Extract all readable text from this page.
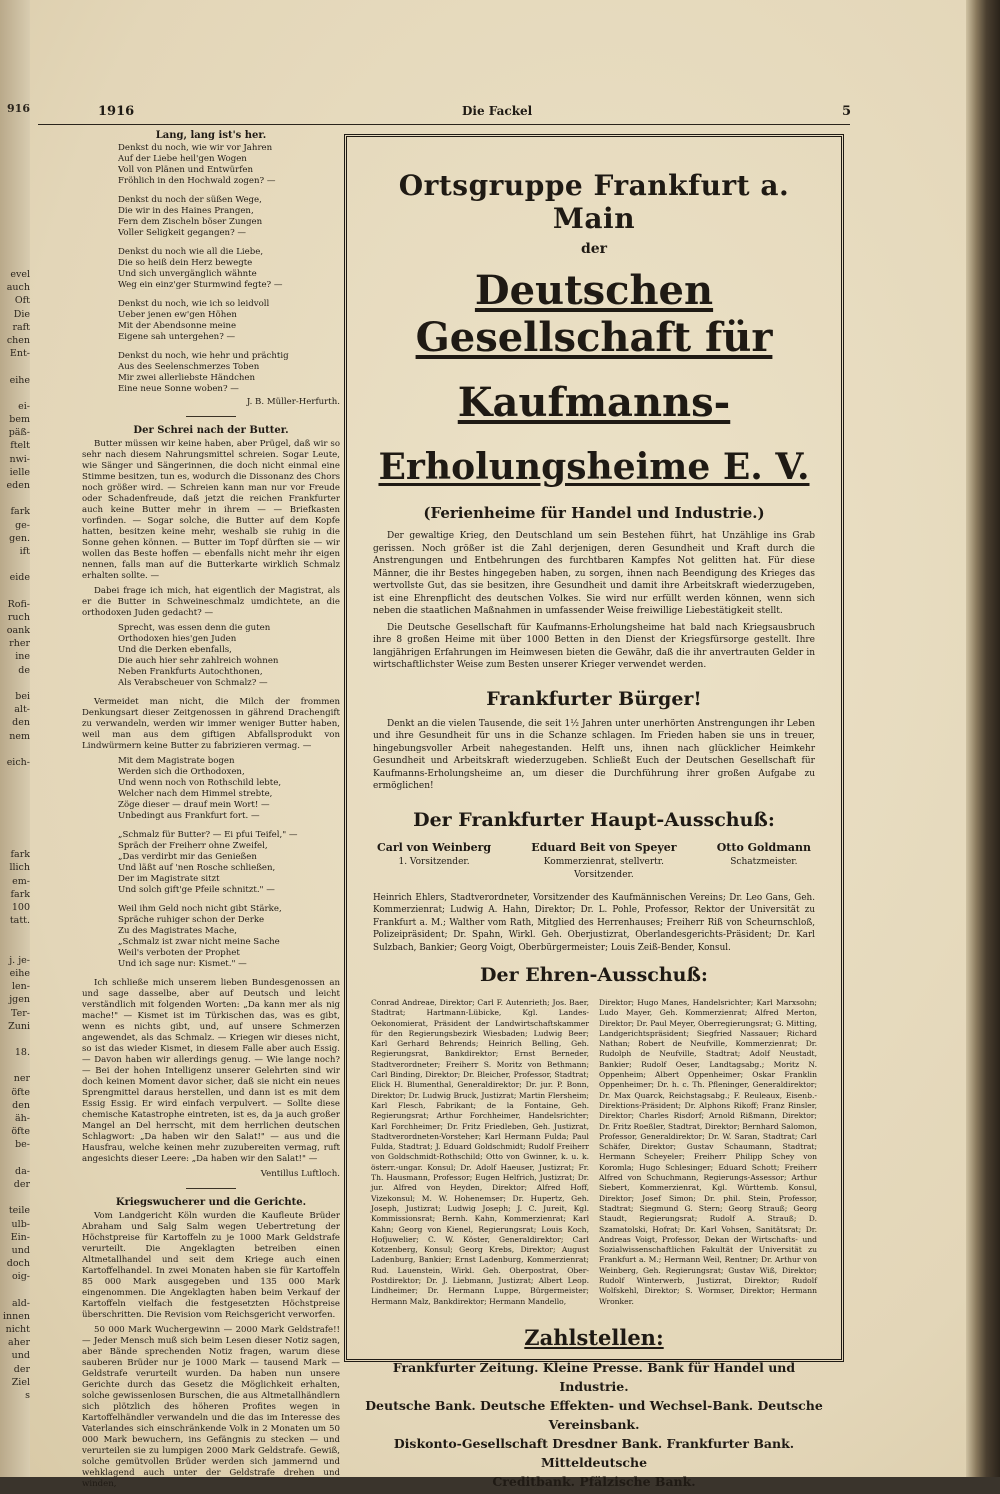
916
evel
auch
Oft
Die
raft
chen
Ent-
eihe
ei-
bem
päß-
ftelt
nwi-
ielle
eden
fark
ge-
gen.
ift
eide
Rofi-
ruch
oank
rher
ine
de
bei
alt-
den
nem
eich-
fark
llich
em-
fark
100
tatt.
j. je-
eihe
len-
jgen
Ter-
Zuni
18.
ner
öfte
den
äh-
öfte
be-
da-
der
teile
ulb-
Ein-
und
doch
oig-
ald-
innen
nicht
aher
und
der
Ziel
s
1916	Die Fackel	5
Lang, lang ist's her.
Denkst du noch, wie wir vor Jahren
Auf der Liebe heil'gen Wogen
Voll von Plänen und Entwürfen
Fröhlich in den Hochwald zogen? —
Denkst du noch der süßen Wege,
Die wir in des Haines Prangen,
Fern dem Zischeln böser Zungen
Voller Seligkeit gegangen? —
Denkst du noch wie all die Liebe,
Die so heiß dein Herz bewegte
Und sich unvergänglich wähnte
Weg ein einz'ger Sturmwind fegte? —
Denkst du noch, wie ich so leidvoll
Ueber jenen ew'gen Höhen
Mit der Abendsonne meine
Eigene sah untergehen? —
Denkst du noch, wie hehr und prächtig
Aus des Seelenschmerzes Toben
Mir zwei allerliebste Händchen
Eine neue Sonne woben? —
J. B. Müller-Herfurth.
Der Schrei nach der Butter.

Butter müssen wir keine haben, aber Prügel, daß wir so sehr nach diesem Nahrungsmittel schreien. Sogar Leute, wie Sänger und Sängerinnen, die doch nicht einmal eine Stimme besitzen, tun es, wodurch die Dissonanz des Chors noch größer wird. — Schreien kann man nur vor Freude oder Schadenfreude, daß jetzt die reichen Frankfurter auch keine Butter mehr in ihrem — — Briefkasten vorfinden. — Sogar solche, die Butter auf dem Kopfe hatten, besitzen keine mehr, weshalb sie ruhig in die Sonne gehen können. — Butter im Topf dürften sie — wir wollen das Beste hoffen — ebenfalls nicht mehr ihr eigen nennen, falls man auf die Butterkarte wirklich Schmalz erhalten sollte. —

Dabei frage ich mich, hat eigentlich der Magistrat, als er die Butter in Schweineschmalz umdichtete, an die orthodoxen Juden gedacht? —

Sprecht, was essen denn die guten
Orthodoxen hies'gen Juden
Und die Derken ebenfalls,
Die auch hier sehr zahlreich wohnen
Neben Frankfurts Autochthonen,
Als Verabscheuer von Schmalz? —

Vermeidet man nicht, die Milch der frommen Denkungsart dieser Zeitgenossen in gährend Drachengift zu verwandeln, werden wir immer weniger Butter haben, weil man aus dem giftigen Abfallsprodukt von Lindwürmern keine Butter zu fabrizieren vermag. —

Mit dem Magistrate bogen
Werden sich die Orthodoxen,
Und wenn noch von Rothschild lebte,
Welcher nach dem Himmel strebte,
Zöge dieser — drauf mein Wort! —
Unbedingt aus Frankfurt fort. —
„Schmalz für Butter? — Ei pfui Teifel," —
Spräch der Freiherr ohne Zweifel,
„Das verdirbt mir das Genießen
Und läßt auf 'nen Rosche schließen,
Der im Magistrate sitzt
Und solch gift'ge Pfeile schnitzt." —
Weil ihm Geld noch nicht gibt Stärke,
Spräche ruhiger schon der Derke
Zu des Magistrates Mache,
„Schmalz ist zwar nicht meine Sache
Weil's verboten der Prophet
Und ich sage nur: Kismet." —

Ich schließe mich unserem lieben Bundesgenossen an und sage dasselbe, aber auf Deutsch und leicht verständlich mit folgenden Worten: „Da kann mer als nig mache!" — Kismet ist im Türkischen das, was es gibt, wenn es nichts gibt, und, auf unsere Schmerzen angewendet, als das Schmalz. — Kriegen wir dieses nicht, so ist das wieder Kismet, in diesem Falle aber auch Essig. — Davon haben wir allerdings genug. — Wie lange noch? — Bei der hohen Intelligenz unserer Gelehrten sind wir doch keinen Moment davor sicher, daß sie nicht ein neues Sprengmittel daraus herstellen, und dann ist es mit dem Essig Essig. Er wird einfach verpulvert. — Sollte diese chemische Katastrophe eintreten, ist es, da ja auch großer Mangel an Del herrscht, mit dem herrlichen deutschen Schlagwort: „Da haben wir den Salat!" — aus und die Hausfrau, welche keinen mehr zuzubereiten vermag, ruft angesichts dieser Leere: „Da haben wir den Salat!" —

Ventillus Luftloch.
Kriegswucherer und die Gerichte.

Vom Landgericht Köln wurden die Kaufleute Brüder Abraham und Salg Salm wegen Uebertretung der Höchstpreise für Kartoffeln zu je 1000 Mark Geldstrafe verurteilt. Die Angeklagten betreiben einen Altmetallhandel und seit dem Kriege auch einen Kartoffelhandel. In zwei Monaten haben sie für Kartoffeln 85 000 Mark ausgegeben und 135 000 Mark eingenommen. Die Angeklagten haben beim Verkauf der Kartoffeln vielfach die festgesetzten Höchstpreise überschritten. Die Revision vom Reichsgericht verworfen.

50 000 Mark Wuchergewinn — 2000 Mark Geldstrafe!! — Jeder Mensch muß sich beim Lesen dieser Notiz sagen, aber Bände sprechenden Notiz fragen, warum diese sauberen Brüder nur je 1000 Mark — tausend Mark — Geldstrafe verurteilt wurden. Da haben nun unsere Gerichte durch das Gesetz die Möglichkeit erhalten, solche gewissenlosen Burschen, die aus Altmetallhändlern sich plötzlich des höheren Profites wegen in Kartoffelhändler verwandeln und die das im Interesse des Vaterlandes sich einschränkende Volk in 2 Monaten um 50 000 Mark bewuchern, ins Gefängnis zu stecken — und verurteilen sie zu lumpigen 2000 Mark Geldstrafe. Gewiß, solche gemütvollen Brüder werden sich jammernd und wehklagend auch unter der Geldstrafe drehen und winden,

Ortsgruppe Frankfurt a. Main
der
Deutschen Gesellschaft für
Kaufmanns-
Erholungsheime E. V.
(Ferienheime für Handel und Industrie.)
Der gewaltige Krieg, den Deutschland um sein Bestehen führt, hat Unzählige ins Grab gerissen. Noch größer ist die Zahl derjenigen, deren Gesundheit und Kraft durch die Anstrengungen und Entbehrungen des furchtbaren Kampfes Not gelitten hat. Für diese Männer, die ihr Bestes hingegeben haben, zu sorgen, ihnen nach Beendigung des Krieges das wertvollste Gut, das sie besitzen, ihre Gesundheit und damit ihre Arbeitskraft wiederzugeben, ist eine Ehrenpflicht des deutschen Volkes. Sie wird nur erfüllt werden können, wenn sich neben die staatlichen Maßnahmen in umfassender Weise freiwillige Liebestätigkeit stellt.
Die Deutsche Gesellschaft für Kaufmanns-Erholungsheime hat bald nach Kriegsausbruch ihre 8 großen Heime mit über 1000 Betten in den Dienst der Kriegsfürsorge gestellt. Ihre langjährigen Erfahrungen im Heimwesen bieten die Gewähr, daß die ihr anvertrauten Gelder in wirtschaftlichster Weise zum Besten unserer Krieger verwendet werden.
Frankfurter Bürger!
Denkt an die vielen Tausende, die seit 1½ Jahren unter unerhörten Anstrengungen ihr Leben und ihre Gesundheit für uns in die Schanze schlagen. Im Frieden haben sie uns in treuer, hingebungsvoller Arbeit nahegestanden. Helft uns, ihnen nach glücklicher Heimkehr Gesundheit und Arbeitskraft wiederzugeben. Schließt Euch der Deutschen Gesellschaft für Kaufmanns-Erholungsheime an, um dieser die Durchführung ihrer großen Aufgabe zu ermöglichen!
Der Frankfurter Haupt-Ausschuß:
Carl von Weinberg
1. Vorsitzender.
Eduard Beit von Speyer
Kommerzienrat, stellvertr. Vorsitzender.
Otto Goldmann
Schatzmeister.
Heinrich Ehlers, Stadtverordneter, Vorsitzender des Kaufmännischen Vereins; Dr. Leo Gans, Geh. Kommerzienrat; Ludwig A. Hahn, Direktor; Dr. L. Pohle, Professor, Rektor der Universität zu Frankfurt a. M.; Walther vom Rath, Mitglied des Herrenhauses; Freiherr Riß von Scheurnschloß, Polizeipräsident; Dr. Spahn, Wirkl. Geh. Oberjustizrat, Oberlandesgerichts-Präsident; Dr. Karl Sulzbach, Bankier; Georg Voigt, Oberbürgermeister; Louis Zeiß-Bender, Konsul.
Der Ehren-Ausschuß:
Conrad Andreae, Direktor; Carl F. Autenrieth; Jos. Baer, Stadtrat; Hartmann-Lübicke, Kgl. Landes-Oekonomierat, Präsident der Landwirtschaftskammer für den Regierungsbezirk Wiesbaden; Ludwig Beer; Karl Gerhard Behrends; Heinrich Belling, Geh. Regierungsrat, Bankdirektor; Ernst Berneder, Stadtverordneter; Freiherr S. Moritz von Bethmann; Carl Binding, Direktor; Dr. Bleicher, Professor, Stadtrat; Elick H. Blumenthal, Generaldirektor; Dr. jur. P. Bonn, Direktor; Dr. Ludwig Bruck, Justizrat; Martin Flersheim; Karl Flesch, Fabrikant; de la Fontaine, Geh. Regierungsrat; Arthur Forchheimer, Handelsrichter; Karl Forchheimer; Dr. Fritz Friedleben, Geh. Justizrat, Stadtverordneten-Vorsteher; Karl Hermann Fulda; Paul Fulda, Stadtrat; J. Eduard Goldschmidt; Rudolf Freiherr von Goldschmidt-Rothschild; Otto von Gwinner, k. u. k. österr.-ungar. Konsul; Dr. Adolf Haeuser, Justizrat; Fr. Th. Hausmann, Professor; Eugen Helfrich, Justizrat; Dr. jur. Alfred von Heyden, Direktor; Alfred Hoff, Vizekonsul; M. W. Hohenemser; Dr. Hupertz, Geh. Joseph, Justizrat; Ludwig Joseph; J. C. Jureit, Kgl. Kommissionsrat; Bernh. Kahn, Kommerzienrat; Karl Kahn; Georg von Kienel, Regierungsrat; Louis Koch, Hofjuwelier; C. W. Köster, Generaldirektor; Carl Kotzenberg, Konsul; Georg Krebs, Direktor; August Ladenburg, Bankier; Ernst Ladenburg, Kommerzienrat; Rud. Lauenstein, Wirkl. Geh. Oberpostrat, Ober-Postdirektor; Dr. J. Liebmann, Justizrat; Albert Leop. Lindheimer; Dr. Hermann Luppe, Bürgermeister; Hermann Malz, Bankdirektor; Hermann Mandello,
Direktor; Hugo Manes, Handelsrichter; Karl Marxsohn; Ludo Mayer, Geh. Kommerzienrat; Alfred Merton, Direktor; Dr. Paul Meyer, Oberregierungsrat; G. Mitting, Landgerichtspräsident; Siegfried Nassauer; Richard Nathan; Robert de Neufville, Kommerzienrat; Dr. Rudolph de Neufville, Stadtrat; Adolf Neustadt, Bankier; Rudolf Oeser, Landtagsabg.; Moritz N. Oppenheim; Albert Oppenheimer; Oskar Franklin Oppenheimer; Dr. h. c. Th. Pfleninger, Generaldirektor; Dr. Max Quarck, Reichstagsabg.; F. Reuleaux, Eisenb.-Direktions-Präsident; Dr. Alphons Rikoff; Franz Rinsler, Direktor; Charles Risdorf; Arnold Rißmann, Direktor; Dr. Fritz Roeßler, Stadtrat, Direktor; Bernhard Salomon, Professor, Generaldirektor; Dr. W. Saran, Stadtrat; Carl Schäfer, Direktor; Gustav Schaumann, Stadtrat; Hermann Scheyeler; Freiherr Philipp Schey von Koromla; Hugo Schlesinger; Eduard Schott; Freiherr Alfred von Schuchmann, Regierungs-Assessor; Arthur Siebert, Kommerzienrat, Kgl. Württemb. Konsul, Direktor; Josef Simon; Dr. phil. Stein, Professor, Stadtrat; Siegmund G. Stern; Georg Strauß; Georg Staudt, Regierungsrat; Rudolf A. Strauß; D. Szamatolski, Hofrat; Dr. Karl Vohsen, Sanitätsrat; Dr. Andreas Voigt, Professor, Dekan der Wirtschafts- und Sozialwissenschaftlichen Fakultät der Universität zu Frankfurt a. M.; Hermann Weil, Rentner; Dr. Arthur von Weinberg, Geh. Regierungsrat; Gustav Wiß, Direktor; Rudolf Winterwerb, Justizrat, Direktor; Rudolf Wolfskehl, Direktor; S. Wormser, Direktor; Hermann Wronker.
Zahlstellen:
Frankfurter Zeitung. Kleine Presse. Bank für Handel und Industrie.
Deutsche Bank. Deutsche Effekten- und Wechsel-Bank. Deutsche Vereinsbank.
Diskonto-Gesellschaft Dresdner Bank. Frankfurter Bank. Mitteldeutsche
Creditbank. Pfälzische Bank.
